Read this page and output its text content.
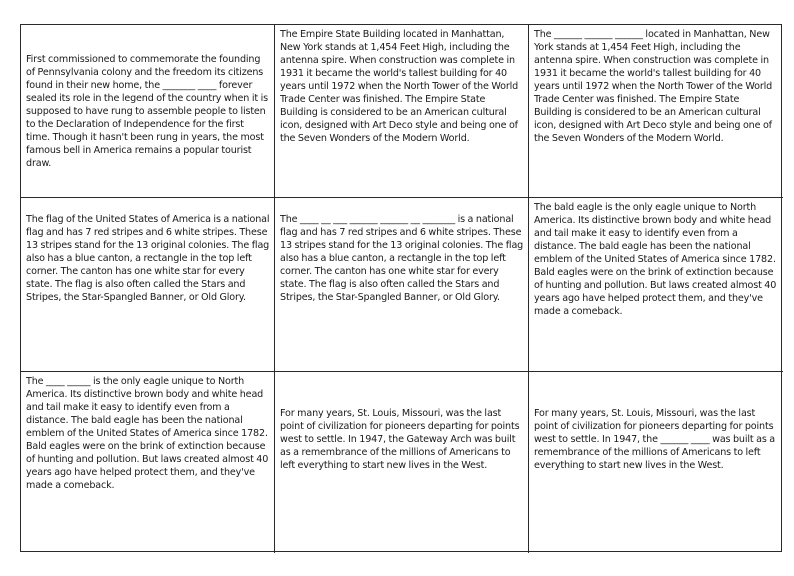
First commissioned to commemorate the founding of Pennsylvania colony and the freedom its citizens found in their new home, the _______ ____ forever sealed its role in the legend of the country when it is supposed to have rung to assemble people to listen to the Declaration of Independence for the first time. Though it hasn't been rung in years, the most famous bell in America remains a popular tourist draw.

The Empire State Building located in Manhattan, New York stands at 1,454 Feet High, including the antenna spire. When construction was complete in 1931 it became the world's tallest building for 40 years until 1972 when the North Tower of the World Trade Center was finished. The Empire State Building is considered to be an American cultural icon, designed with Art Deco style and being one of the Seven Wonders of the Modern World.

The ______ ______ ______ located in Manhattan, New York stands at 1,454 Feet High, including the antenna spire. When construction was complete in 1931 it became the world's tallest building for 40 years until 1972 when the North Tower of the World Trade Center was finished. The Empire State Building is considered to be an American cultural icon, designed with Art Deco style and being one of the Seven Wonders of the Modern World.

The flag of the United States of America is a national flag and has 7 red stripes and 6 white stripes. These 13 stripes stand for the 13 original colonies. The flag also has a blue canton, a rectangle in the top left corner. The canton has one white star for every state. The flag is also often called the Stars and Stripes, the Star-Spangled Banner, or Old Glory.

The ____ __ ___ ______ ______ __ _______ is a national flag and has 7 red stripes and 6 white stripes. These 13 stripes stand for the 13 original colonies. The flag also has a blue canton, a rectangle in the top left corner. The canton has one white star for every state. The flag is also often called the Stars and Stripes, the Star-Spangled Banner, or Old Glory.

The bald eagle is the only eagle unique to North America. Its distinctive brown body and white head and tail make it easy to identify even from a distance. The bald eagle has been the national emblem of the United States of America since 1782. Bald eagles were on the brink of extinction because of hunting and pollution. But laws created almost 40 years ago have helped protect them, and they've made a comeback.

The ____ _____ is the only eagle unique to North America. Its distinctive brown body and white head and tail make it easy to identify even from a distance. The bald eagle has been the national emblem of the United States of America since 1782. Bald eagles were on the brink of extinction because of hunting and pollution. But laws created almost 40 years ago have helped protect them, and they've made a comeback.

For many years, St. Louis, Missouri, was the last point of civilization for pioneers departing for points west to settle. In 1947, the Gateway Arch was built as a remembrance of the millions of Americans to left everything to start new lives in the West.

For many years, St. Louis, Missouri, was the last point of civilization for pioneers departing for points west to settle. In 1947, the ______ ____ was built as a remembrance of the millions of Americans to left everything to start new lives in the West.
